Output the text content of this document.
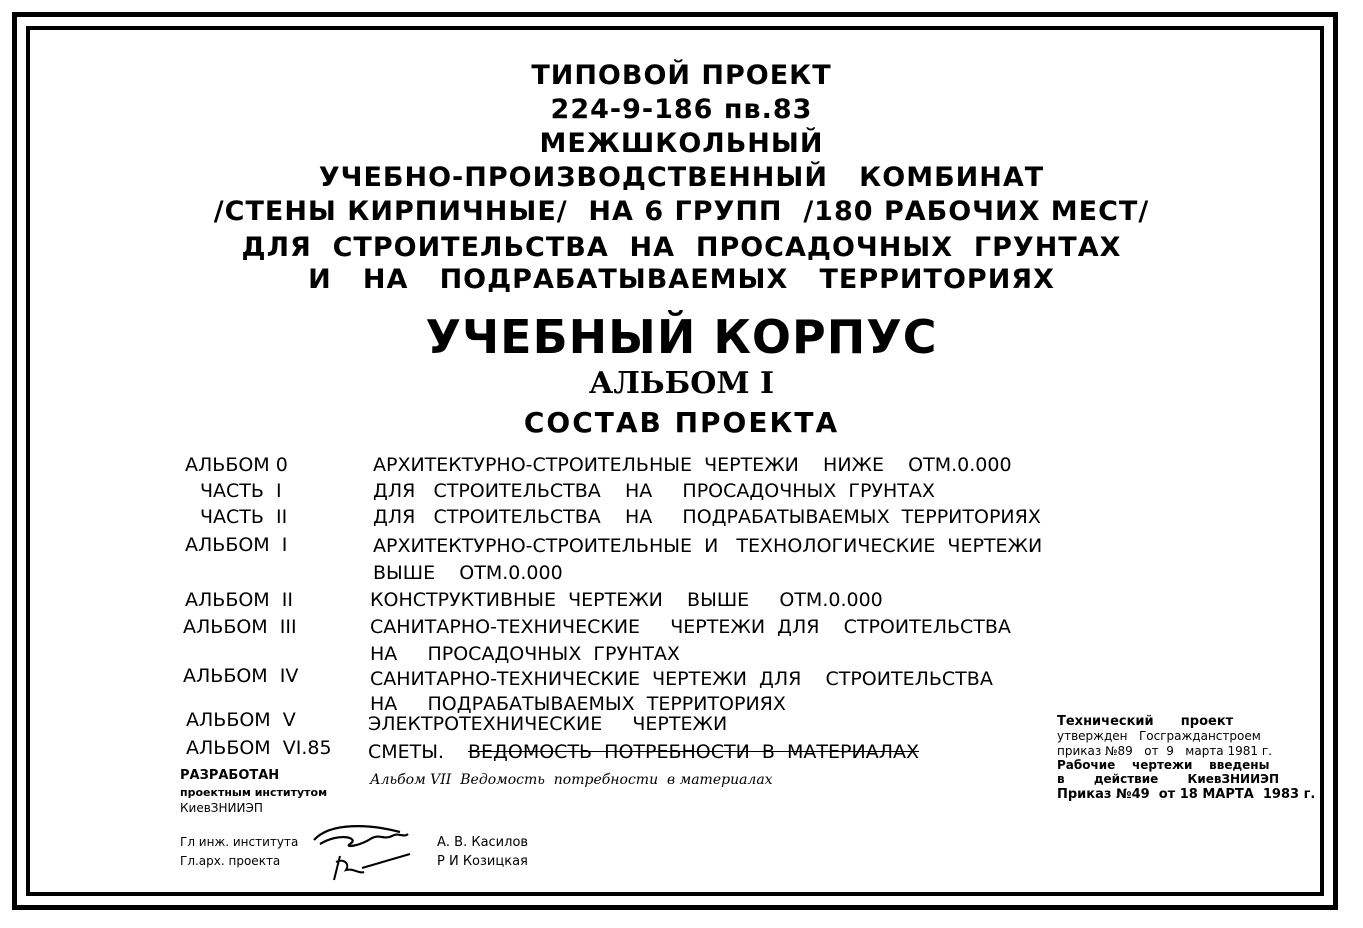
ТИПОВОЙ ПРОЕКТ
224-9-186 пв.83
МЕЖШКОЛЬНЫЙ
УЧЕБНО-ПРОИЗВОДСТВЕННЫЙ   КОМБИНАТ
/СТЕНЫ КИРПИЧНЫЕ/  НА 6 ГРУПП  /180 РАБОЧИХ МЕСТ/
ДЛЯ  СТРОИТЕЛЬСТВА  НА  ПРОСАДОЧНЫХ  ГРУНТАХ
И   НА   ПОДРАБАТЫВАЕМЫХ   ТЕРРИТОРИЯХ
УЧЕБНЫЙ КОРПУС
АЛЬБОМ I
СОСТАВ ПРОЕКТА
АЛЬБОМ 0	АРХИТЕКТУРНО-СТРОИТЕЛЬНЫЕ  ЧЕРТЕЖИ    НИЖЕ    ОТМ.0.000
ЧАСТЬ  I	ДЛЯ   СТРОИТЕЛЬСТВА    НА     ПРОСАДОЧНЫХ  ГРУНТАХ
ЧАСТЬ  II	ДЛЯ   СТРОИТЕЛЬСТВА    НА     ПОДРАБАТЫВАЕМЫХ  ТЕРРИТОРИЯХ
АЛЬБОМ  I	АРХИТЕКТУРНО-СТРОИТЕЛЬНЫЕ  И   ТЕХНОЛОГИЧЕСКИЕ  ЧЕРТЕЖИ
ВЫШЕ    ОТМ.0.000
АЛЬБОМ  II	КОНСТРУКТИВНЫЕ  ЧЕРТЕЖИ    ВЫШЕ     ОТМ.0.000
АЛЬБОМ  III	САНИТАРНО-ТЕХНИЧЕСКИЕ     ЧЕРТЕЖИ  ДЛЯ    СТРОИТЕЛЬСТВА
НА     ПРОСАДОЧНЫХ  ГРУНТАХ
АЛЬБОМ  IV	САНИТАРНО-ТЕХНИЧЕСКИЕ  ЧЕРТЕЖИ  ДЛЯ    СТРОИТЕЛЬСТВА
НА     ПОДРАБАТЫВАЕМЫХ  ТЕРРИТОРИЯХ
АЛЬБОМ  V	ЭЛЕКТРОТЕХНИЧЕСКИЕ     ЧЕРТЕЖИ
АЛЬБОМ  VI.85 СМЕТЫ. ВЕДОМОСТЬ  ПОТРЕБНОСТИ  В  МАТЕРИАЛАХ
Альбом VII  Ведомость  потребности  в материалах
РАЗРАБОТАН
проектным институтом
КиевЗНИИЭП
Гл инж. института
Гл.арх. проекта
А. В. Касилов
Р И Козицкая
Технический      проект
утвержден   Госгражданстроем
приказ №89   от  9   марта 1981 г.
Рабочие    чертежи    введены
в       действие       КиевЗНИИЭП
Приказ №49  от 18 МАРТА  1983 г.
